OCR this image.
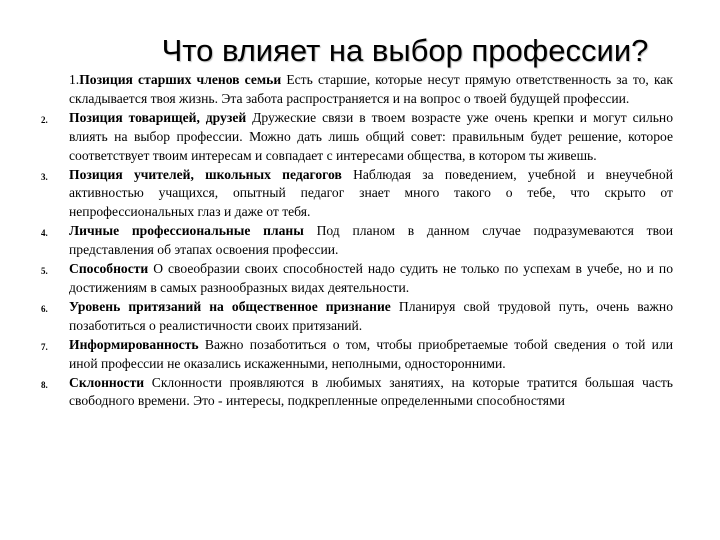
Что влияет на выбор профессии?
1.Позиция старших членов семьи Есть старшие, которые несут прямую ответственность за то, как складывается твоя жизнь. Эта забота распространяется и на вопрос о твоей будущей профессии.
2. Позиция товарищей, друзей Дружеские связи в твоем возрасте уже очень крепки и могут сильно влиять на выбор профессии. Можно дать лишь общий совет: правильным будет решение, которое соответствует твоим интересам и совпадает с интересами общества, в котором ты живешь.
3. Позиция учителей, школьных педагогов Наблюдая за поведением, учебной и внеучебной активностью учащихся, опытный педагог знает много такого о тебе, что скрыто от непрофессиональных глаз и даже от тебя.
4. Личные профессиональные планы Под планом в данном случае подразумеваются твои представления об этапах освоения профессии.
5. Способности О своеобразии своих способностей надо судить не только по успехам в учебе, но и по достижениям в самых разнообразных видах деятельности.
6. Уровень притязаний на общественное признание Планируя свой трудовой путь, очень важно позаботиться о реалистичности своих притязаний.
7. Информированность Важно позаботиться о том, чтобы приобретаемые тобой сведения о той или иной профессии не оказались искаженными, неполными, односторонними.
8. Склонности Склонности проявляются в любимых занятиях, на которые тратится большая часть свободного времени. Это - интересы, подкрепленные определенными способностями
